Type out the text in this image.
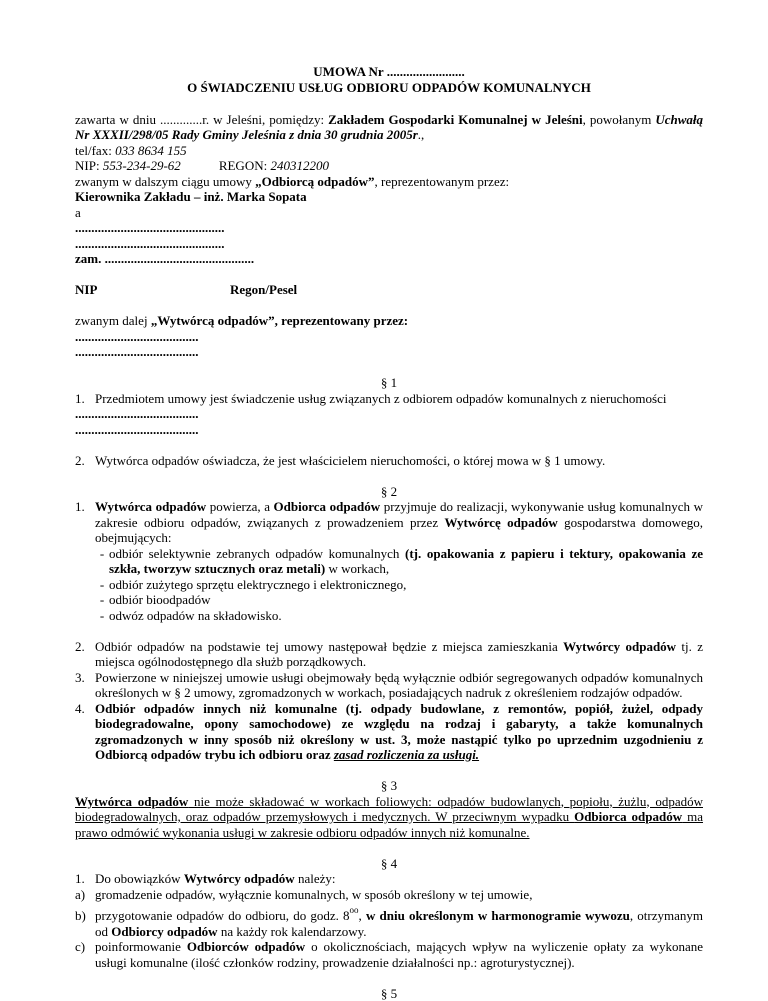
UMOWA Nr ........................

O ŚWIADCZENIU USŁUG ODBIORU ODPADÓW KOMUNALNYCH

zawarta w dniu .............r. w Jeleśni, pomiędzy: Zakładem Gospodarki Komunalnej w Jeleśni, powołanym Uchwałą Nr XXXII/298/05 Rady Gminy Jeleśnia z dnia 30 grudnia 2005r.,

tel/fax: 033 8634 155

NIP: 553-234-29-62	REGON: 240312200

zwanym w dalszym ciągu umowy „Odbiorcą odpadów”, reprezentowanym przez:

Kierownika Zakładu – inż. Marka Sopata

a

..............................................

..............................................

zam. ..............................................

NIP	Regon/Pesel

zwanym dalej „Wytwórcą odpadów”, reprezentowany przez:

......................................

......................................

§ 1

1. Przedmiotem umowy jest świadczenie usług związanych z odbiorem odpadów komunalnych z nieruchomości

......................................

......................................

2. Wytwórca odpadów oświadcza, że jest właścicielem nieruchomości, o której mowa w § 1 umowy.

§ 2

1. Wytwórca odpadów powierza, a Odbiorca odpadów przyjmuje do realizacji, wykonywanie usług komunalnych w zakresie odbioru odpadów, związanych z prowadzeniem przez Wytwórcę odpadów gospodarstwa domowego, obejmujących:
- odbiór selektywnie zebranych odpadów komunalnych (tj. opakowania z papieru i tektury, opakowania ze szkła, tworzyw sztucznych oraz metali) w workach,
- odbiór zużytego sprzętu elektrycznego i elektronicznego,
- odbiór bioodpadów
- odwóz odpadów na składowisko.
2. Odbiór odpadów na podstawie tej umowy następował będzie z miejsca zamieszkania Wytwórcy odpadów tj. z miejsca ogólnodostępnego dla służb porządkowych.
3. Powierzone w niniejszej umowie usługi obejmowały będą wyłącznie odbiór segregowanych odpadów komunalnych określonych w § 2 umowy, zgromadzonych w workach, posiadających nadruk z określeniem rodzajów odpadów.
4. Odbiór odpadów innych niż komunalne (tj. odpady budowlane, z remontów, popiół, żużel, odpady biodegradowalne, opony samochodowe) ze względu na rodzaj i gabaryty, a także komunalnych zgromadzonych w inny sposób niż określony w ust. 3, może nastąpić tylko po uprzednim uzgodnieniu z Odbiorcą odpadów trybu ich odbioru oraz zasad rozliczenia za usługi.

§ 3

Wytwórca odpadów nie może składować w workach foliowych: odpadów budowlanych, popiołu, żużlu, odpadów biodegradowalnych, oraz odpadów przemysłowych i medycznych. W przeciwnym wypadku Odbiorca odpadów ma prawo odmówić wykonania usługi w zakresie odbioru odpadów innych niż komunalne.

§ 4

1. Do obowiązków Wytwórcy odpadów należy:
a) gromadzenie odpadów, wyłącznie komunalnych, w sposób określony w tej umowie,
b) przygotowanie odpadów do odbioru, do godz. $8^{oo}$, w dniu określonym w harmonogramie wywozu, otrzymanym od Odbiorcy odpadów na każdy rok kalendarzowy.
c) poinformowanie Odbiorców odpadów o okolicznościach, mających wpływ na wyliczenie opłaty za wykonane usługi komunalne (ilość członków rodziny, prowadzenie działalności np.: agroturystycznej).

§ 5
